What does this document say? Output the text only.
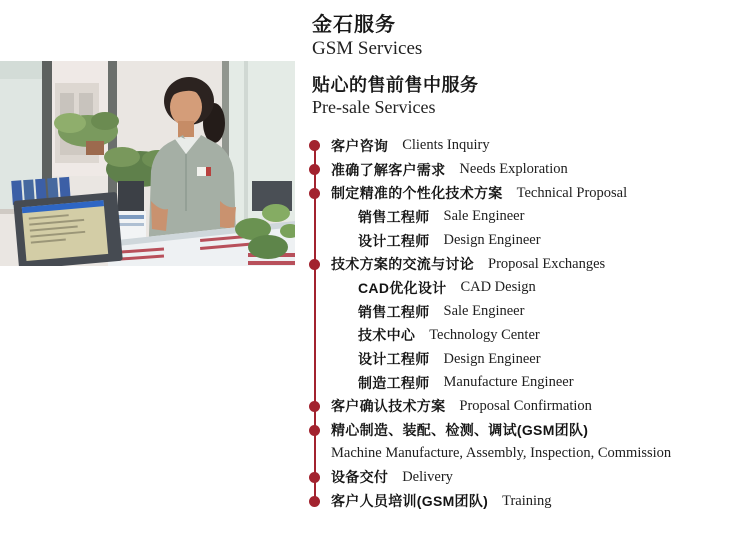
金石服务
GSM Services
贴心的售前售中服务
Pre-sale Services
客户咨询 Clients Inquiry
准确了解客户需求 Needs Exploration
制定精准的个性化技术方案 Technical Proposal
销售工程师 Sale Engineer
设计工程师 Design Engineer
技术方案的交流与讨论 Proposal Exchanges
CAD优化设计 CAD Design
销售工程师 Sale Engineer
技术中心 Technology Center
设计工程师 Design Engineer
制造工程师 Manufacture Engineer
客户确认技术方案 Proposal Confirmation
精心制造、装配、检测、调试(GSM团队)
Machine Manufacture, Assembly, Inspection, Commission
设备交付 Delivery
客户人员培训(GSM团队) Training
